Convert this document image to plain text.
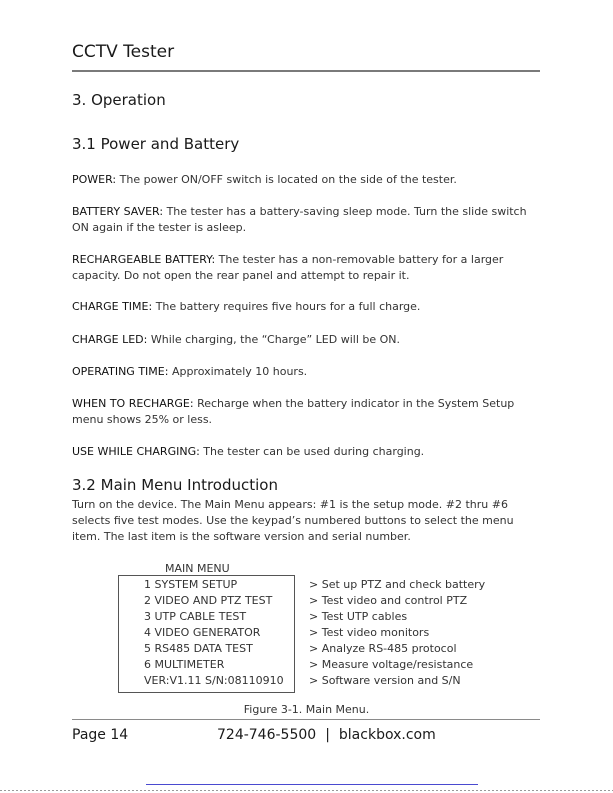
CCTV Tester
3. Operation
3.1 Power and Battery
POWER: The power ON/OFF switch is located on the side of the tester.
BATTERY SAVER: The tester has a battery-saving sleep mode. Turn the slide switch
ON again if the tester is asleep.
RECHARGEABLE BATTERY: The tester has a non-removable battery for a larger
capacity. Do not open the rear panel and attempt to repair it.
CHARGE TIME: The battery requires five hours for a full charge.
CHARGE LED: While charging, the “Charge” LED will be ON.
OPERATING TIME: Approximately 10 hours.
WHEN TO RECHARGE: Recharge when the battery indicator in the System Setup
menu shows 25% or less.
USE WHILE CHARGING: The tester can be used during charging.
3.2 Main Menu Introduction
Turn on the device. The Main Menu appears: #1 is the setup mode. #2 thru #6
selects five test modes. Use the keypad’s numbered buttons to select the menu
item. The last item is the software version and serial number.
MAIN MENU
1 SYSTEM SETUP
2 VIDEO AND PTZ TEST
3 UTP CABLE TEST
4 VIDEO GENERATOR
5 RS485 DATA TEST
6 MULTIMETER
VER:V1.11 S/N:08110910
> Set up PTZ and check battery
> Test video and control PTZ
> Test UTP cables
> Test video monitors
> Analyze RS-485 protocol
> Measure voltage/resistance
> Software version and S/N
Figure 3-1. Main Menu.
Page 14	724-746-5500 | blackbox.com
